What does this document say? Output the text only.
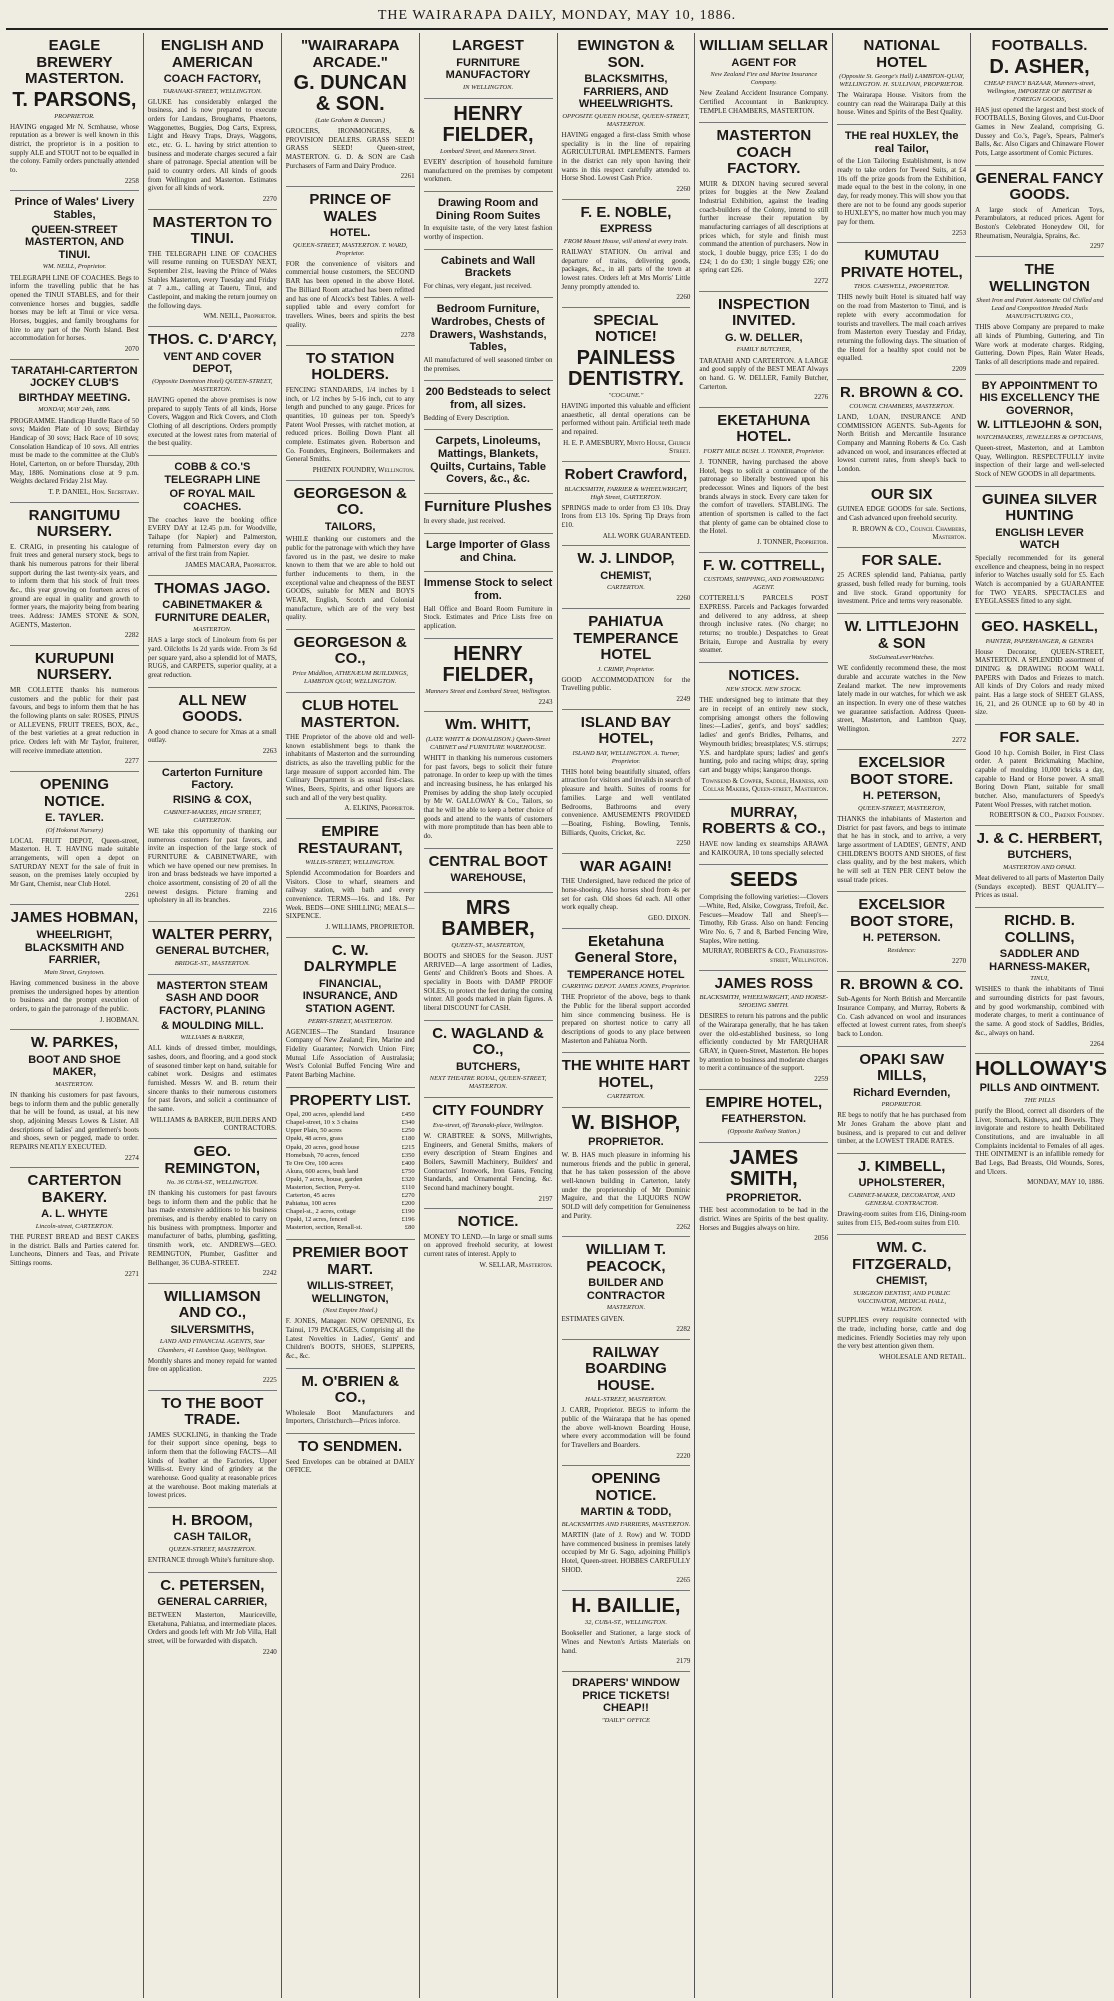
THE WAIRARAPA DAILY, MONDAY, MAY 10, 1886.
EAGLE BREWERY MASTERTON.
T. PARSONS,
PROPRIETOR.
HAVING engaged Mr N. Scmhause, whose reputation as a brewer is well known in this district, the proprietor is in a position to supply ALE and STOUT not to be equalled in the colony. Family orders punctually attended to.
2258
Prince of Wales' Livery Stables,
QUEEN-STREET MASTERTON, AND TINUI.
WM. NEILL, Proprietor.
TELEGRAPH LINE OF COACHES. Begs to inform the travelling public that he has opened the TINUI STABLES, and for their convenience horses and buggies, saddle horses may be left at Tinui or vice versa. Horses, buggies, and family broughams for hire to any part of the North Island. Best accommodation for horses.
2070
TARATAHI-CARTERTON JOCKEY CLUB'S
BIRTHDAY MEETING.
MONDAY, MAY 24th, 1886.
PROGRAMME. Handicap Hurdle Race of 50 sovs; Maiden Plate of 10 sovs; Birthday Handicap of 30 sovs; Hack Race of 10 sovs; Consolation Handicap of 10 sovs. All entries must be made to the committee at the Club's Hotel, Carterton, on or before Thursday, 20th May, 1886. Nominations close at 9 p.m. Weights declared Friday 21st May.
T. P. DANIEL, Hon. Secretary.
RANGITUMU NURSERY.
E. CRAIG, in presenting his catalogue of fruit trees and general nursery stock, begs to thank his numerous patrons for their liberal support during the last twenty-six years, and to inform them that his stock of fruit trees &c., this year growing on fourteen acres of ground are equal in quality and growth to former years, the majority being from bearing trees. Address: JAMES STONE & SON, AGENTS, Masterton.
2282
KURUPUNI NURSERY.
MR COLLETTE thanks his numerous customers and the public for their past favours, and begs to inform them that he has the following plants on sale: ROSES, PINUS or ALLEVENS, FRUIT TREES, BOX, &c., of the best varieties at a great reduction in price. Orders left with Mr Taylor, fruiterer, will receive immediate attention.
2277
OPENING NOTICE.
E. TAYLER.
(Of Hokonui Nursery)
LOCAL FRUIT DEPOT, Queen-street, Masterton. H. T. HAVING made suitable arrangements, will open a depot on SATURDAY NEXT for the sale of fruit in season, on the premises lately occupied by Mr Gant, Chemist, near Club Hotel.
2261
JAMES HOBMAN,
WHEELRIGHT, BLACKSMITH AND FARRIER,
Main Street, Greytown.
Having commenced business in the above premises the undersigned hopes by attention to business and the prompt execution of orders, to gain the patronage of the public.
J. HOBMAN.
W. PARKES,
BOOT AND SHOE MAKER,
MASTERTON.
IN thanking his customers for past favours, begs to inform them and the public generally that he will be found, as usual, at his new shop, adjoining Messrs Lowes & Lister. All descriptions of ladies' and gentlemen's boots and shoes, sewn or pegged, made to order. REPAIRS NEATLY EXECUTED.
2274
CARTERTON BAKERY.
A. L. WHYTE
Lincoln-street, CARTERTON.
THE PUREST BREAD and BEST CAKES in the district. Balls and Parties catered for. Luncheons, Dinners and Teas, and Private Sittings rooms.
2271
ENGLISH AND AMERICAN
COACH FACTORY,
TARANAKI-STREET, WELLINGTON.
GLUKE has considerably enlarged the business, and is now prepared to execute orders for Landaus, Broughams, Phaetons, Waggonettes, Buggies, Dog Carts, Express, Light and Heavy Traps, Drays, Waggons, etc., etc. G. L. having by strict attention to business and moderate charges secured a fair share of patronage. Special attention will be paid to country orders. All kinds of goods from Wellington and Masterton. Estimates given for all kinds of work.
2270
MASTERTON TO TINUI.
THE TELEGRAPH LINE OF COACHES will resume running on TUESDAY NEXT, September 21st, leaving the Prince of Wales Stables Masterton, every Tuesday and Friday at 7 a.m., calling at Taueru, Tinui, and Castlepoint, and making the return journey on the following days.
WM. NEILL, Proprietor.
THOS. C. D'ARCY,
VENT AND COVER DEPOT,
(Opposite Dominion Hotel) QUEEN-STREET, MASTERTON.
HAVING opened the above premises is now prepared to supply Tents of all kinds, Horse Covers, Waggon and Rick Covers, and Cloth Clothing of all descriptions. Orders promptly executed at the lowest rates from material of the best quality.
COBB & CO.'S TELEGRAPH LINE
OF ROYAL MAIL COACHES.
The coaches leave the booking office EVERY DAY at 12.45 p.m. for Woodville, Taihape (for Napier) and Palmerston, returning from Palmerston every day on arrival of the first train from Napier.
JAMES MACARA, Proprietor.
THOMAS JAGO.
CABINETMAKER & FURNITURE DEALER,
MASTERTON.
HAS a large stock of Linoleum from 6s per yard. Oilcloths 1s 2d yards wide. From 3s 6d per square yard, also a splendid lot of MATS, RUGS, and CARPETS, superior quality, at a great reduction.
ALL NEW GOODS.
A good chance to secure for Xmas at a small outlay.
2263
Carterton Furniture Factory.
RISING & COX,
CABINET-MAKERS, HIGH STREET, CARTERTON.
WE take this opportunity of thanking our numerous customers for past favors, and invite an inspection of the large stock of FURNITURE & CABINETWARE, with which we have opened our new premises. In iron and brass bedsteads we have imported a choice assortment, consisting of 20 of all the newest designs. Picture framing and upholstery in all its branches.
2216
WALTER PERRY,
GENERAL BUTCHER,
BRIDGE-ST., MASTERTON.
MASTERTON STEAM SASH AND DOOR FACTORY, PLANING
& MOULDING MILL.
WILLIAMS & BARKER,
ALL kinds of dressed timber, mouldings, sashes, doors, and flooring, and a good stock of seasoned timber kept on hand, suitable for cabinet work. Designs and estimates furnished. Messrs W. and B. return their sincere thanks to their numerous customers for past favors, and solicit a continuance of the same.
WILLIAMS & BARKER, BUILDERS AND CONTRACTORS.
GEO. REMINGTON,
No. 36 CUBA-ST., WELLINGTON.
IN thanking his customers for past favours begs to inform them and the public that he has made extensive additions to his business premises, and is thereby enabled to carry on his business with promptness. Importer and manufacturer of baths, plumbing, gasfitting, tinsmith work, etc. ANDREWS—GEO. REMINGTON, Plumber, Gasfitter and Bellhanger, 36 CUBA-STREET.
2242
WILLIAMSON AND CO.,
SILVERSMITHS,
LAND AND FINANCIAL AGENTS, Star Chambers, 41 Lambton Quay, Wellington.
Monthly shares and money repaid for wanted free on application.
2225
TO THE BOOT TRADE.
JAMES SUCKLING, in thanking the Trade for their support since opening, begs to inform them that the following FACTS—All kinds of leather at the Factories, Upper Willis-st. Every kind of grindery at the warehouse. Good quality at reasonable prices at the warehouse. Boot making materials at lowest prices.
H. BROOM,
CASH TAILOR,
QUEEN-STREET, MASTERTON.
ENTRANCE through White's furniture shop.
C. PETERSEN,
GENERAL CARRIER,
BETWEEN Masterton, Mauriceville, Eketahuna, Pahiatua, and intermediate places. Orders and goods left with Mr Job Villa, Hall street, will be forwarded with dispatch.
2240
"WAIRARAPA ARCADE."
G. DUNCAN & SON.
(Late Graham & Duncan.)
GROCERS, IRONMONGERS, & PROVISION DEALERS. GRASS SEED! GRASS SEED! Queen-street, MASTERTON. G. D. & SON are Cash Purchasers of Farm and Dairy Produce.
2261
PRINCE OF WALES
HOTEL.
QUEEN-STREET, MASTERTON. T. WARD, Proprietor.
FOR the convenience of visitors and commercial house customers, the SECOND BAR has been opened in the above Hotel. The Billiard Room attached has been refitted and has one of Alcock's best Tables. A well-supplied table and every comfort for travellers. Wines, beers and spirits the best quality.
2278
TO STATION HOLDERS.
FENCING STANDARDS, 1/4 inches by 1 inch, or 1/2 inches by 5-16 inch, cut to any length and punched to any gauge. Prices for quantities, 10 guineas per ton. Speedy's Patent Wool Presses, with ratchet motion, at reduced prices. Boiling Down Plant all complete. Estimates given. Robertson and Co. Founders, Engineers, Boilermakers and General Smiths.
PHŒNIX FOUNDRY, Wellington.
GEORGESON & CO.
TAILORS,
WHILE thanking our customers and the public for the patronage with which they have favored us in the past, we desire to make known to them that we are able to hold out further inducements to them, in the exceptional value and cheapness of the BEST GOODS, suitable for MEN and BOYS WEAR, English, Scotch and Colonial manufacture, which are of the very best quality.
GEORGESON & CO.,
Price Middlton, ATHENÆUM BUILDINGS, LAMBTON QUAY, WELLINGTON.
CLUB HOTEL MASTERTON.
THE Proprietor of the above old and well-known establishment begs to thank the inhabitants of Masterton and the surrounding districts, as also the travelling public for the large measure of support accorded him. The Culinary Department is as usual first-class. Wines, Beers, Spirits, and other liquors are such and all of the very best quality.
A. ELKINS, Proprietor.
EMPIRE RESTAURANT,
WILLIS-STREET, WELLINGTON.
Splendid Accommodation for Boarders and Visitors. Close to wharf, steamers and railway station, with bath and every convenience. TERMS—16s. and 18s. Per Week. BEDS—ONE SHILLING; MEALS—SIXPENCE.
J. WILLIAMS, PROPRIETOR.
C. W. DALRYMPLE
FINANCIAL, INSURANCE, AND STATION AGENT.
PERRY-STREET, MASTERTON.
AGENCIES—The Standard Insurance Company of New Zealand; Fire, Marine and Fidelity Guarantee; Norwich Union Fire; Mutual Life Association of Australasia; West's Colonial Buffed Fencing Wire and Patent Barbing Machine.
PROPERTY LIST.
Opal, 200 acres, splendid land	£450
Chapel-street, 10 x 3 chains	£340
Upper Plain, 50 acres	£250
Opaki, 48 acres, grass	£180
Opaki, 20 acres, good house	£215
Homebush, 70 acres, fenced	£350
Te Ore Ore, 100 acres	£400
Akura, 600 acres, bush land	£750
Opaki, 7 acres, house, garden	£320
Masterton, Section, Perry-st.	£110
Carterton, 45 acres	£270
Pahiatua, 100 acres	£200
Chapel-st., 2 acres, cottage	£190
Opaki, 12 acres, fenced	£196
Masterton, section, Renall-st.	£80
PREMIER BOOT MART.
WILLIS-STREET, WELLINGTON,
(Next Empire Hotel.)
F. JONES, Manager. NOW OPENING, Ex Tainui, 179 PACKAGES, Comprising all the Latest Novelties in Ladies', Gents' and Children's BOOTS, SHOES, SLIPPERS, &c., &c.
M. O'BRIEN & CO.,
Wholesale Boot Manufacturers and Importers, Christchurch—Prices inforce.
TO SENDMEN.
Seed Envelopes can be obtained at DAILY OFFICE.
LARGEST
FURNITURE MANUFACTORY
IN WELLINGTON.
HENRY FIELDER,
Lombard Street, and Manners Street.
EVERY description of household furniture manufactured on the premises by competent workmen.
Drawing Room and Dining Room Suites
In exquisite taste, of the very latest fashion worthy of inspection.
Cabinets and Wall Brackets
For chinas, very elegant, just received.
Bedroom Furniture, Wardrobes, Chests of Drawers, Washstands, Tables,
All manufactured of well seasoned timber on the premises.
200 Bedsteads to select from, all sizes.
Bedding of Every Description.
Carpets, Linoleums, Mattings, Blankets, Quilts, Curtains, Table Covers, &c., &c.
Furniture Plushes
In every shade, just received.
Large Importer of Glass and China.
Immense Stock to select from.
Hall Office and Board Room Furniture in Stock. Estimates and Price Lists free on application.
HENRY FIELDER,
Manners Street and Lombard Street, Wellington.
2243
Wm. WHITT,
(LATE WHITT & DONALDSON.) Queen-Street CABINET and FURNITURE WAREHOUSE.
WHITT in thanking his numerous customers for past favors, begs to solicit their future patronage. In order to keep up with the times and increasing business, he has enlarged his Premises by adding the shop lately occupied by Mr W. GALLOWAY & Co., Tailors, so that he will be able to keep a better choice of goods and attend to the wants of customers with more promptitude than has been able to do.
CENTRAL BOOT
WAREHOUSE,
MRS BAMBER,
QUEEN-ST., MASTERTON,
BOOTS and SHOES for the Season. JUST ARRIVED—A large assortment of Ladies, Gents' and Children's Boots and Shoes. A speciality in Boots with DAMP PROOF SOLES, to protect the feet during the coming winter. All goods marked in plain figures. A liberal DISCOUNT for CASH.
C. WAGLAND & CO.,
BUTCHERS,
NEXT THEATRE ROYAL, QUEEN-STREET, MASTERTON.
CITY FOUNDRY
Eva-street, off Taranaki-place, Wellington.
W. CRABTREE & SONS, Millwrights, Engineers, and General Smiths, makers of every description of Steam Engines and Boilers, Sawmill Machinery, Builders' and Contractors' Ironwork, Iron Gates, Fencing Standards, and Ornamental Fencing, &c. Second hand machinery bought.
2197
NOTICE.
MONEY TO LEND.—In large or small sums on approved freehold security, at lowest current rates of interest. Apply to
W. SELLAR, Masterton.
EWINGTON & SON.
BLACKSMITHS, FARRIERS, AND WHEELWRIGHTS.
OPPOSITE QUEEN HOUSE, QUEEN-STREET, MASTERTON.
HAVING engaged a first-class Smith whose speciality is in the line of repairing AGRICULTURAL IMPLEMENTS. Farmers in the district can rely upon having their wants in this respect carefully attended to. Horse Shod. Lowest Cash Price.
2260
F. E. NOBLE,
EXPRESS
FROM Mount House, will attend at every train.
RAILWAY STATION. On arrival and departure of trains, delivering goods, packages, &c., in all parts of the town at lowest rates. Orders left at Mrs Morris' Little Jenny promptly attended to.
2260
SPECIAL NOTICE!
PAINLESS DENTISTRY.
"COCAINE."
HAVING imported this valuable and efficient anaesthetic, all dental operations can be performed without pain. Artificial teeth made and repaired.
H. E. P. AMESBURY, Minto House, Church Street.
Robert Crawford,
BLACKSMITH, FARRIER & WHEELWRIGHT, High Street, CARTERTON.
SPRINGS made to order from £3 10s. Dray Irons from £13 10s. Spring Tip Drays from £10.
ALL WORK GUARANTEED.
W. J. LINDOP,
CHEMIST,
CARTERTON.
2260
PAHIATUA TEMPERANCE HOTEL
J. CRIMP, Proprietor.
GOOD ACCOMMODATION for the Travelling public.
2249
ISLAND BAY HOTEL,
ISLAND BAY, WELLINGTON. A. Turner, Proprietor.
THIS hotel being beautifully situated, offers attraction for visitors and invalids in search of pleasure and health. Suites of rooms for families. Large and well ventilated Bedrooms, Bathrooms and every convenience. AMUSEMENTS PROVIDED—Boating, Fishing, Bowling, Tennis, Billiards, Quoits, Cricket, &c.
2250
WAR AGAIN!
THE Undersigned, have reduced the price of horse-shoeing. Also horses shod from 4s per set for cash. Old shoes 6d each. All other work equally cheap.
GEO. DIXON.
Eketahuna General Store,
TEMPERANCE HOTEL
CARRYING DEPOT. JAMES JONES, Proprietor.
THE Proprietor of the above, begs to thank the Public for the liberal support accorded him since commencing business. He is prepared on shortest notice to carry all descriptions of goods to any place between Masterton and Pahiatua North.
THE WHITE HART HOTEL,
CARTERTON.
W. BISHOP,
PROPRIETOR.
W. B. HAS much pleasure in informing his numerous friends and the public in general, that he has taken possession of the above well-known building in Carterton, lately under the proprietorship of Mr Dominic Maguire, and that the LIQUORS NOW SOLD will defy competition for Genuineness and Purity.
2262
WILLIAM T. PEACOCK,
BUILDER AND CONTRACTOR
MASTERTON.
ESTIMATES GIVEN.
2282
RAILWAY BOARDING HOUSE.
HALL-STREET, MASTERTON.
J. CARR, Proprietor. BEGS to inform the public of the Wairarapa that he has opened the above well-known Boarding House, where every accommodation will be found for Travellers and Boarders.
2220
OPENING NOTICE.
MARTIN & TODD,
BLACKSMITHS AND FARRIERS, MASTERTON.
MARTIN (late of J. Row) and W. TODD have commenced business in premises lately occupied by Mr G. Sago, adjoining Phillip's Hotel, Queen-street. HOBBES CAREFULLY SHOD.
2265
H. BAILLIE,
32, CUBA-ST., WELLINGTON.
Bookseller and Stationer, a large stock of Wines and Newton's Artists Materials on hand.
2179
DRAPERS' WINDOW PRICE TICKETS! CHEAP!!
"DAILY" OFFICE
WILLIAM SELLAR
AGENT FOR
New Zealand Fire and Marine Insurance Company.
New Zealand Accident Insurance Company. Certified Accountant in Bankruptcy. TEMPLE CHAMBERS, MASTERTON.
MASTERTON COACH FACTORY.
MUIR & DIXON having secured several prizes for buggies at the New Zealand Industrial Exhibition, against the leading coach-builders of the Colony, intend to still further increase their reputation by manufacturing carriages of all descriptions at prices which, for style and finish must command the attention of purchasers. Now in stock, 1 double buggy, price £35; 1 do do £24; 1 do do £30; 1 single buggy £26; one spring cart £26.
2272
INSPECTION INVITED.
G. W. DELLER,
FAMILY BUTCHER,
TARATAHI AND CARTERTON. A LARGE and good supply of the BEST MEAT Always on hand. G. W. DELLER, Family Butcher, Carterton.
2276
EKETAHUNA HOTEL.
FORTY MILE BUSH. J. TONNER, Proprietor.
J. TONNER, having purchased the above Hotel, begs to solicit a continuance of the patronage so liberally bestowed upon his predecessor. Wines and liquors of the best brands always in stock. Every care taken for the comfort of travellers. STABLING. The attention of sportsmen is called to the fact that plenty of game can be obtained close to the Hotel.
J. TONNER, Proprietor.
F. W. COTTRELL,
CUSTOMS, SHIPPING, AND FORWARDING AGENT.
COTTERELL'S PARCELS POST EXPRESS. Parcels and Packages forwarded and delivered to any address, at sheep through inclusive rates. (No charge; no returns; no trouble.) Despatches to Great Britain, Europe and Australia by every steamer.
NOTICES.
NEW STOCK. NEW STOCK.
THE undersigned beg to intimate that they are in receipt of an entirely new stock, comprising amongst others the following lines:—Ladies', gent's, and boys' saddles; ladies' and gent's Bridles, Pelhams, and Weymouth bridles; breastplates; V.S. stirrups; Y.S. and hardplate spurs; ladies' and gent's hunting, polo and racing whips; dray, spring cart and buggy whips; kangaroo thongs.
Townsend & Cowper, Saddle, Harness, and Collar Makers, Queen-street, Masterton.
MURRAY, ROBERTS & CO.,
HAVE now landing ex steamships ARAWA and KAIKOURA, 10 tons specially selected
SEEDS
Comprising the following varieties:—Clovers—White, Red, Alsike, Cowgrass, Trefoil, &c. Fescues—Meadow Tall and Sheep's—Timothy, Rib Grass. Also on hand: Fencing Wire No. 6, 7 and 8, Barbed Fencing Wire, Staples, Wire netting.
MURRAY, ROBERTS & CO., Featherston-street, Wellington.
JAMES ROSS
BLACKSMITH, WHEELWRIGHT, AND HORSE-SHOEING SMITH.
DESIRES to return his patrons and the public of the Wairarapa generally, that he has taken over the old-established business, so long efficiently conducted by Mr FARQUHAR GRAY, in Queen-Street, Masterton. He hopes by attention to business and moderate charges to merit a continuance of the support.
2259
EMPIRE HOTEL,
FEATHERSTON.
(Opposite Railway Station.)
JAMES SMITH,
PROPRIETOR.
THE best accommodation to be had in the district. Wines are Spirits of the best quality. Horses and Buggies always on hire.
2056
NATIONAL HOTEL
(Opposite St. George's Hall) LAMBTON-QUAY, WELLINGTON. H. SULLIVAN, PROPRIETOR.
The Wairarapa House. Visitors from the country can read the Wairarapa Daily at this house. Wines and Spirits of the Best Quality.
THE real HUXLEY, the real Tailor,
of the Lion Tailoring Establishment, is now ready to take orders for Tweed Suits, at £4 10s off the prize goods from the Exhibition, made equal to the best in the colony, in one day, for ready money. This will show you that there are not to be found any goods superior to HUXLEY'S, no matter how much you may pay for them.
2253
KUMUTAU PRIVATE HOTEL,
THOS. CARSWELL, PROPRIETOR.
THIS newly built Hotel is situated half way on the road from Masterton to Tinui, and is replete with every accommodation for tourists and travellers. The mail coach arrives from Masterton every Tuesday and Friday, returning the following days. The situation of the Hotel for a healthy spot could not be equalled.
2209
R. BROWN & CO.
COUNCIL CHAMBERS, MASTERTON.
LAND, LOAN, INSURANCE AND COMMISSION AGENTS. Sub-Agents for North British and Mercantile Insurance Company and Manning Roberts & Co. Cash advanced on wool, and insurances effected at lowest current rates, from sheep's back to London.
OUR SIX
GUINEA EDGE GOODS for sale. Sections, and Cash advanced upon freehold security.
R. BROWN & CO., Council Chambers, Masterton.
FOR SALE.
25 ACRES splendid land, Pahiatua, partly grassed, bush felled ready for burning, tools and live stock. Grand opportunity for investment. Price and terms very reasonable.
W. LITTLEJOHN & SON
SixGuineaLeverWatches.
WE confidently recommend these, the most durable and accurate watches in the New Zealand market. The new improvements lately made in our watches, for which we ask an inspection. In every one of these watches we guarantee satisfaction. Address Queen-street, Masterton, and Lambton Quay, Wellington.
2272
EXCELSIOR BOOT STORE.
H. PETERSON,
QUEEN-STREET, MASTERTON,
THANKS the inhabitants of Masterton and District for past favors, and begs to intimate that he has in stock, and to arrive, a very large assortment of LADIES', GENTS', AND CHILDREN'S BOOTS AND SHOES, of first class quality, and by the best makers, which he will sell at TEN PER CENT below the usual trade prices.
EXCELSIOR BOOT STORE,
H. PETERSON.
Residence:
2270
R. BROWN & CO.
Sub-Agents for North British and Mercantile Insurance Company, and Murray, Roberts & Co. Cash advanced on wool and insurances effected at lowest current rates, from sheep's back to London.
OPAKI SAW MILLS,
Richard Evernden,
PROPRIETOR.
RE begs to notify that he has purchased from Mr Jones Graham the above plant and business, and is prepared to cut and deliver timber, at the LOWEST TRADE RATES.
J. KIMBELL,
UPHOLSTERER,
CABINET-MAKER, DECORATOR, AND GENERAL CONTRACTOR.
Drawing-room suites from £16, Dining-room suites from £15, Bed-room suites from £10.
WM. C. FITZGERALD,
CHEMIST,
SURGEON DENTIST, AND PUBLIC VACCINATOR, MEDICAL HALL, WELLINGTON.
SUPPLIES every requisite connected with the trade, including horse, cattle and dog medicines. Friendly Societies may rely upon the very best attention given them.
WHOLESALE AND RETAIL.
FOOTBALLS.
D. ASHER,
CHEAP FANCY BAZAAR, Manners-street, Wellington, IMPORTER OF BRITISH & FOREIGN GOODS,
HAS just opened the largest and best stock of FOOTBALLS, Boxing Gloves, and Cut-Door Games in New Zealand, comprising G. Dussey and Co.'s, Page's, Spears, Palmer's Balls, &c. Also Cigars and Chinaware Flower Pots, Large assortment of Comic Pictures.
GENERAL FANCY GOODS.
A large stock of American Toys, Perambulators, at reduced prices. Agent for Boston's Celebrated Honeydew Oil, for Rheumatism, Neuralgia, Sprains, &c.
2297
THE WELLINGTON
Sheet Iron and Patent Automatic Oil Chilled and Lead and Composition Headed Nails MANUFACTURING CO.,
THIS above Company are prepared to make all kinds of Plumbing, Guttering, and Tin Ware work at moderate charges. Ridging, Guttering, Down Pipes, Rain Water Heads, Tanks of all descriptions made and repaired.
BY APPOINTMENT TO HIS EXCELLENCY THE GOVERNOR,
W. LITTLEJOHN & SON,
WATCHMAKERS, JEWELLERS & OPTICIANS,
Queen-street, Masterton, and at Lambton Quay, Wellington. RESPECTFULLY invite inspection of their large and well-selected Stock of NEW GOODS in all departments.
GUINEA SILVER HUNTING
ENGLISH LEVER WATCH
Specially recommended for its general excellence and cheapness, being in no respect inferior to Watches usually sold for £5. Each Watch is accompanied by a GUARANTEE for TWO YEARS. SPECTACLES and EYEGLASSES fitted to any sight.
GEO. HASKELL,
PAINTER, PAPERHANGER, & GENERA
House Decorator, QUEEN-STREET, MASTERTON. A SPLENDID assortment of DINING & DRAWING ROOM WALL PAPERS with Dados and Friezes to match. All kinds of Dry Colors and ready mixed paint. Has a large stock of SHEET GLASS, 16, 21, and 26 OUNCE up to 60 by 40 in size.
FOR SALE.
Good 10 h.p. Cornish Boiler, in First Class order. A patent Brickmaking Machine, capable of moulding 10,000 bricks a day, capable to Hand or Horse power. A small Boring Down Plant, suitable for small butcher. Also, manufacturers of Speedy's Patent Wool Presses, with ratchet motion.
ROBERTSON & CO., Phœnix Foundry.
J. & C. HERBERT,
BUTCHERS,
MASTERTON AND OPAKI.
Meat delivered to all parts of Masterton Daily (Sundays excepted). BEST QUALITY—Prices as usual.
RICHD. B. COLLINS,
SADDLER AND HARNESS-MAKER,
TINUI,
WISHES to thank the inhabitants of Tinui and surrounding districts for past favours, and by good workmanship, combined with moderate charges, to merit a continuance of the same. A good stock of Saddles, Bridles, &c., always on hand.
2264
HOLLOWAY'S
PILLS AND OINTMENT.
THE PILLS
purify the Blood, correct all disorders of the Liver, Stomach, Kidneys, and Bowels. They invigorate and restore to health Debilitated Constitutions, and are invaluable in all Complaints incidental to Females of all ages. THE OINTMENT is an infallible remedy for Bad Legs, Bad Breasts, Old Wounds, Sores, and Ulcers.
MONDAY, MAY 10, 1886.
